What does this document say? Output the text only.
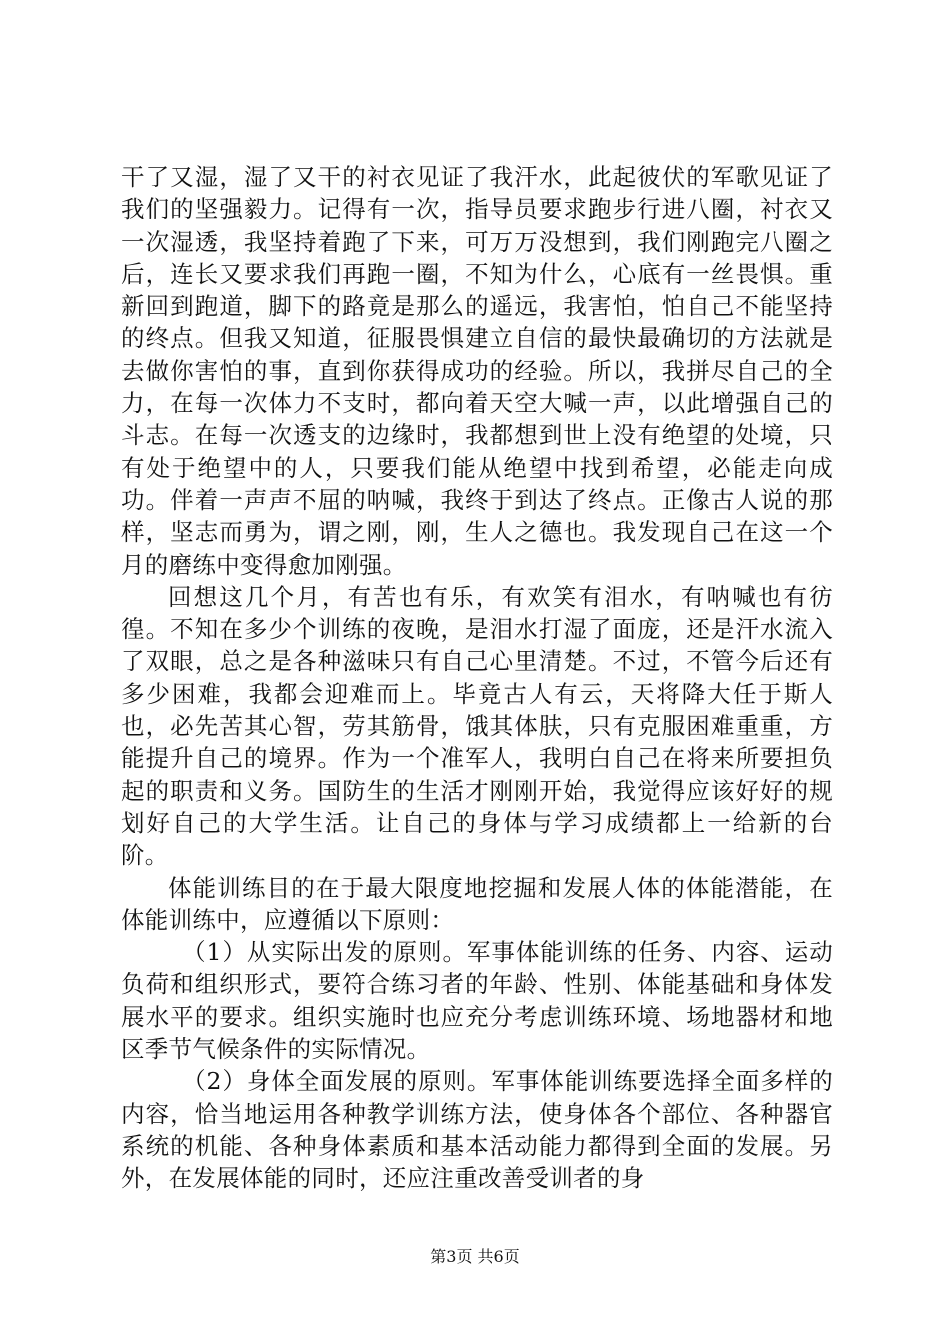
干了又湿，湿了又干的衬衣见证了我汗水，此起彼伏的军歌见证了我们的坚强毅力。记得有一次，指导员要求跑步行进八圈，衬衣又一次湿透，我坚持着跑了下来，可万万没想到，我们刚跑完八圈之后，连长又要求我们再跑一圈，不知为什么，心底有一丝畏惧。重新回到跑道，脚下的路竟是那么的遥远，我害怕，怕自己不能坚持的终点。但我又知道，征服畏惧建立自信的最快最确切的方法就是去做你害怕的事，直到你获得成功的经验。所以，我拼尽自己的全力，在每一次体力不支时，都向着天空大喊一声，以此增强自己的斗志。在每一次透支的边缘时，我都想到世上没有绝望的处境，只有处于绝望中的人，只要我们能从绝望中找到希望，必能走向成功。伴着一声声不屈的呐喊，我终于到达了终点。正像古人说的那样，坚志而勇为，谓之刚，刚，生人之德也。我发现自己在这一个月的磨练中变得愈加刚强。

回想这几个月，有苦也有乐，有欢笑有泪水，有呐喊也有彷徨。不知在多少个训练的夜晚，是泪水打湿了面庞，还是汗水流入了双眼，总之是各种滋味只有自己心里清楚。不过，不管今后还有多少困难，我都会迎难而上。毕竟古人有云，天将降大任于斯人也，必先苦其心智，劳其筋骨，饿其体肤，只有克服困难重重，方能提升自己的境界。作为一个准军人，我明白自己在将来所要担负起的职责和义务。国防生的生活才刚刚开始，我觉得应该好好的规划好自己的大学生活。让自己的身体与学习成绩都上一给新的台阶。

体能训练目的在于最大限度地挖掘和发展人体的体能潜能，在体能训练中，应遵循以下原则：

（1）从实际出发的原则。军事体能训练的任务、内容、运动负荷和组织形式，要符合练习者的年龄、性别、体能基础和身体发展水平的要求。组织实施时也应充分考虑训练环境、场地器材和地区季节气候条件的实际情况。

（2）身体全面发展的原则。军事体能训练要选择全面多样的内容，恰当地运用各种教学训练方法，使身体各个部位、各种器官系统的机能、各种身体素质和基本活动能力都得到全面的发展。另外，在发展体能的同时，还应注重改善受训者的身

第3页 共6页
